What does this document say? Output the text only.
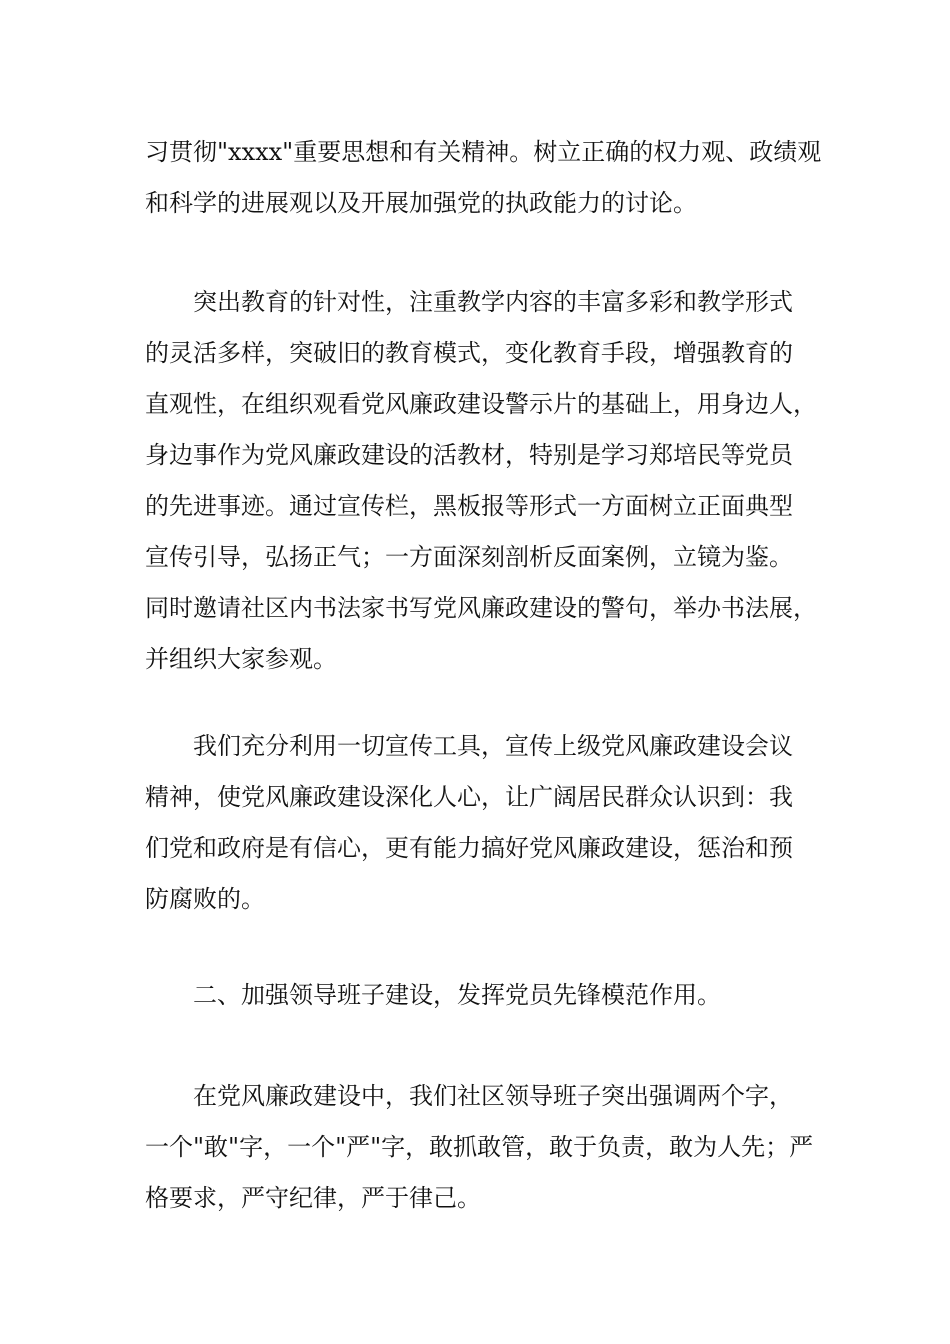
习贯彻"xxxx"重要思想和有关精神。树立正确的权力观、政绩观
和科学的进展观以及开展加强党的执政能力的讨论。
突出教育的针对性，注重教学内容的丰富多彩和教学形式
的灵活多样，突破旧的教育模式，变化教育手段，增强教育的
直观性，在组织观看党风廉政建设警示片的基础上，用身边人，
身边事作为党风廉政建设的活教材，特别是学习郑培民等党员
的先进事迹。通过宣传栏，黑板报等形式一方面树立正面典型
宣传引导，弘扬正气；一方面深刻剖析反面案例，立镜为鉴。
同时邀请社区内书法家书写党风廉政建设的警句，举办书法展，
并组织大家参观。
我们充分利用一切宣传工具，宣传上级党风廉政建设会议
精神，使党风廉政建设深化人心，让广阔居民群众认识到：我
们党和政府是有信心，更有能力搞好党风廉政建设，惩治和预
防腐败的。
二、加强领导班子建设，发挥党员先锋模范作用。
在党风廉政建设中，我们社区领导班子突出强调两个字，
一个"敢"字，一个"严"字，敢抓敢管，敢于负责，敢为人先；严
格要求，严守纪律，严于律己。
